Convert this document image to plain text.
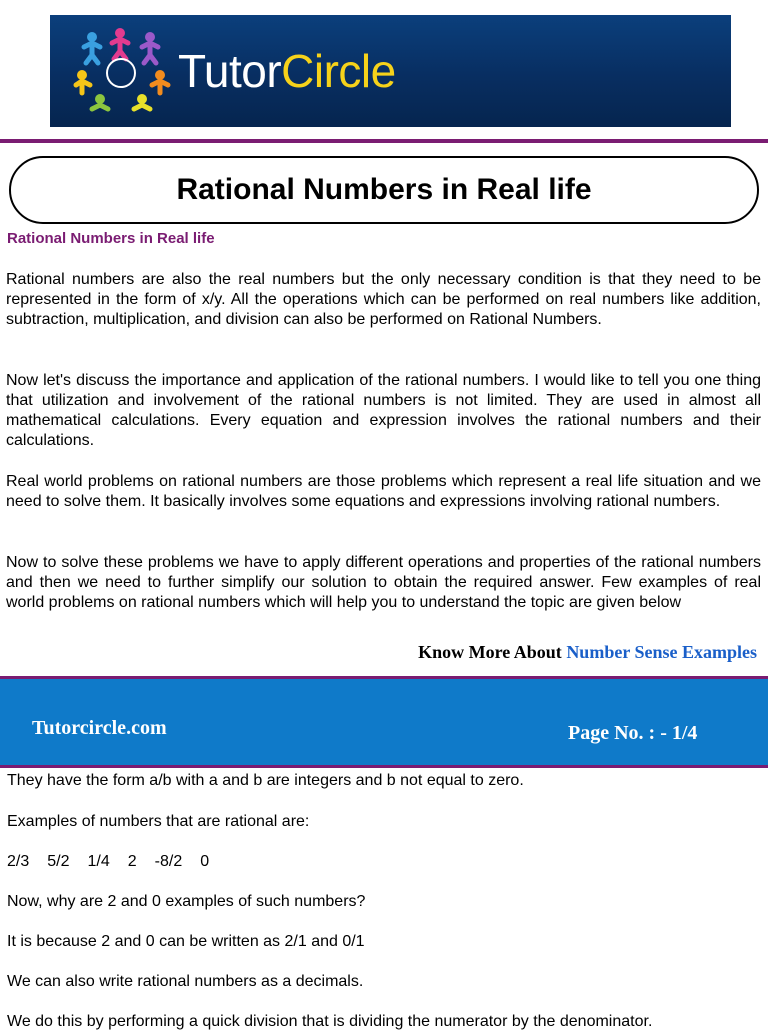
TutorCircle
Rational Numbers in Real life
Rational Numbers in Real life

Rational numbers are also the real numbers but the only necessary condition is that they need to be represented in the form of x/y. All the operations which can be performed on real numbers like addition, subtraction, multiplication, and division can also be performed on Rational Numbers.

Now let's discuss the importance and application of the rational numbers. I would like to tell you one thing that utilization and involvement of the rational numbers is not limited. They are used in almost all mathematical calculations. Every equation and expression involves the rational numbers and their calculations.

Real world problems on rational numbers are those problems which represent a real life situation and we need to solve them. It basically involves some equations and expressions involving rational numbers.

Now to solve these problems we have to apply different operations and properties of the rational numbers and then we need to further simplify our solution to obtain the required answer. Few examples of real world problems on rational numbers which will help you to understand the topic are given below

Know More About Number Sense Examples
Tutorcircle.com	Page No. : - 1/4
They have the form a/b with a and b are integers and b not equal to zero.
Examples of numbers that are rational are:
2/3 5/2 1/4 2 -8/2 0
Now, why are 2 and 0 examples of such numbers?
It is because 2 and 0 can be written as 2/1 and 0/1
We can also write rational numbers as a decimals.
We do this by performing a quick division that is dividing the numerator by the denominator.
